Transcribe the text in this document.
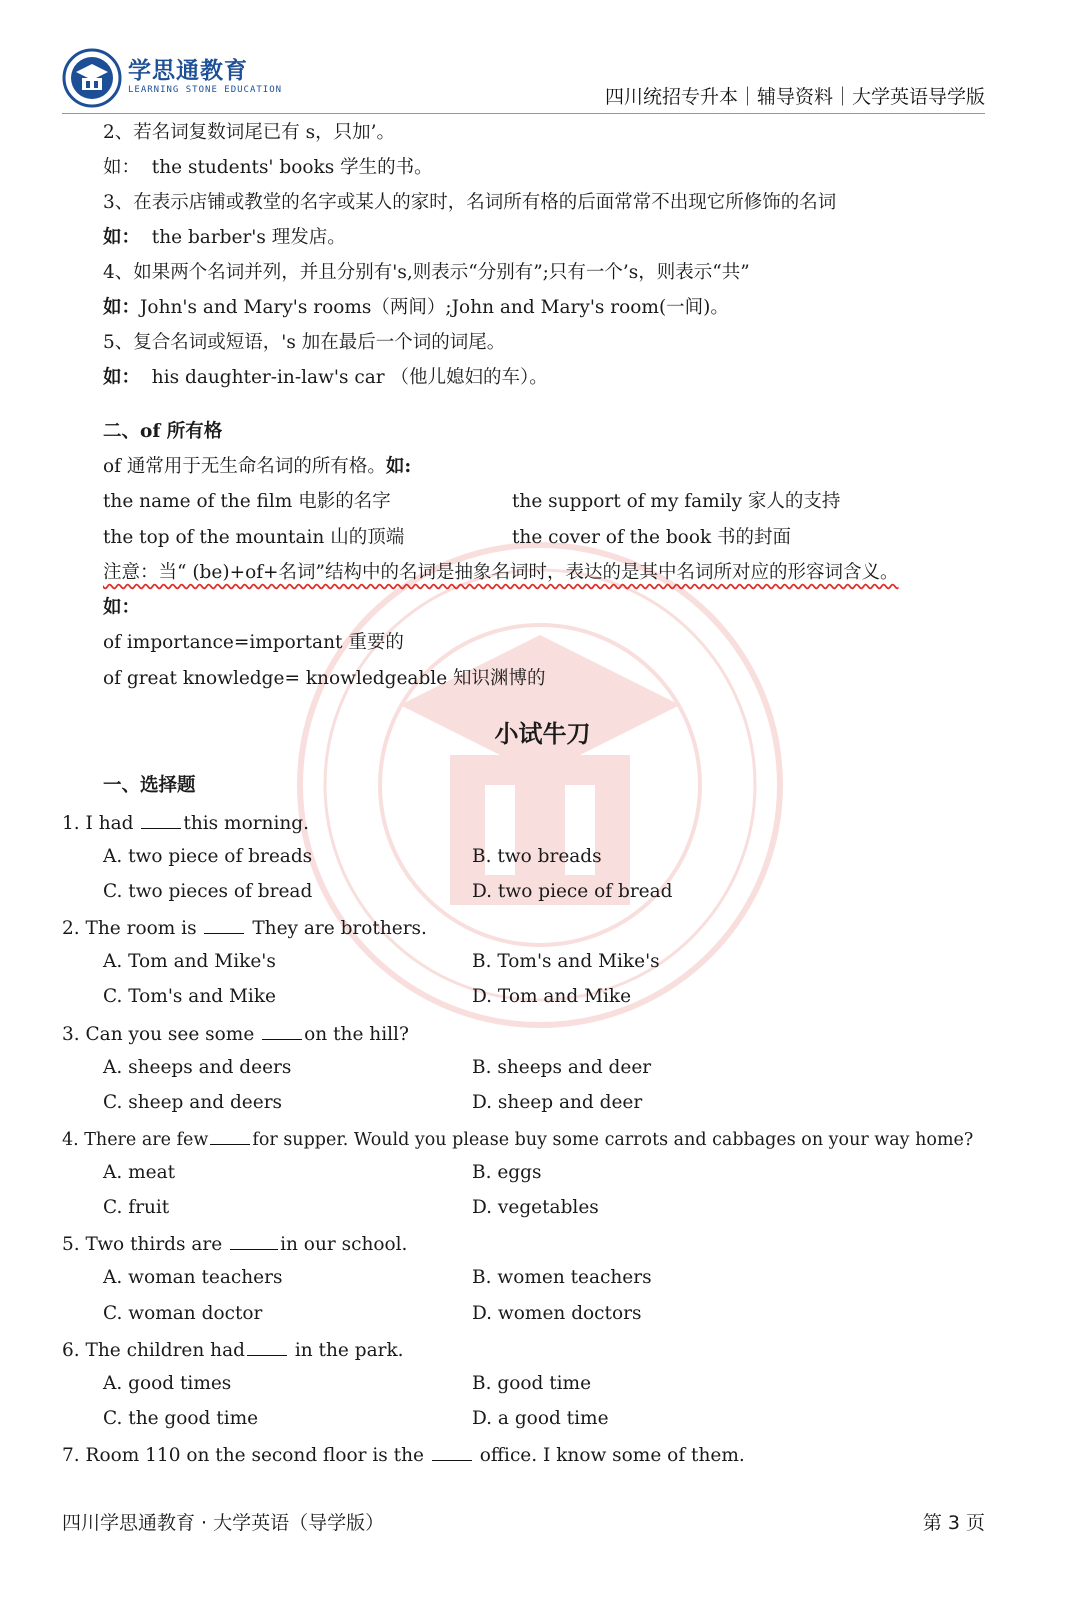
学思通教育
LEARNING STONE EDUCATION	四川统招专升本｜辅导资料｜大学英语导学版
2、若名词复数词尾已有 s，只加’。
如： the students' books 学生的书。
3、在表示店铺或教堂的名字或某人的家时，名词所有格的后面常常不出现它所修饰的名词
如： the barber's 理发店。
4、如果两个名词并列，并且分别有's,则表示“分别有”;只有一个’s，则表示“共”
如：John's and Mary's rooms（两间）;John and Mary's room(一间)。
5、复合名词或短语，'s 加在最后一个词的词尾。
如： his daughter-in-law's car （他儿媳妇的车）。
二、of 所有格
of 通常用于无生命名词的所有格。如:
the name of the film 电影的名字	the support of my family 家人的支持
the top of the mountain 山的顶端	the cover of the book 书的封面
注意：当“ (be)+of+名词”结构中的名词是抽象名词时，表达的是其中名词所对应的形容词含义。
如：
of importance=important 重要的
of great knowledge= knowledgeable 知识渊博的
小试牛刀
一、选择题
1. I had this morning.
A. two piece of breads	B. two breads
C. two pieces of bread	D. two piece of bread
2. The room is  They are brothers.
A. Tom and Mike's	B. Tom's and Mike's
C. Tom's and Mike	D. Tom and Mike
3. Can you see some on the hill?
A. sheeps and deers	B. sheeps and deer
C. sheep and deers	D. sheep and deer
4. There are few	for supper. Would you please buy some carrots and cabbages on your way home?
A. meat	B. eggs
C. fruit	D. vegetables
5. Two thirds are	in our school.
A. woman teachers	B. women teachers
C. woman doctor	D. women doctors
6. The children had in the park.
A. good times	B. good time
C. the good time	D. a good time
7. Room 110 on the second floor is the  office. I know some of them.
四川学思通教育 · 大学英语（导学版）	第 3 页
